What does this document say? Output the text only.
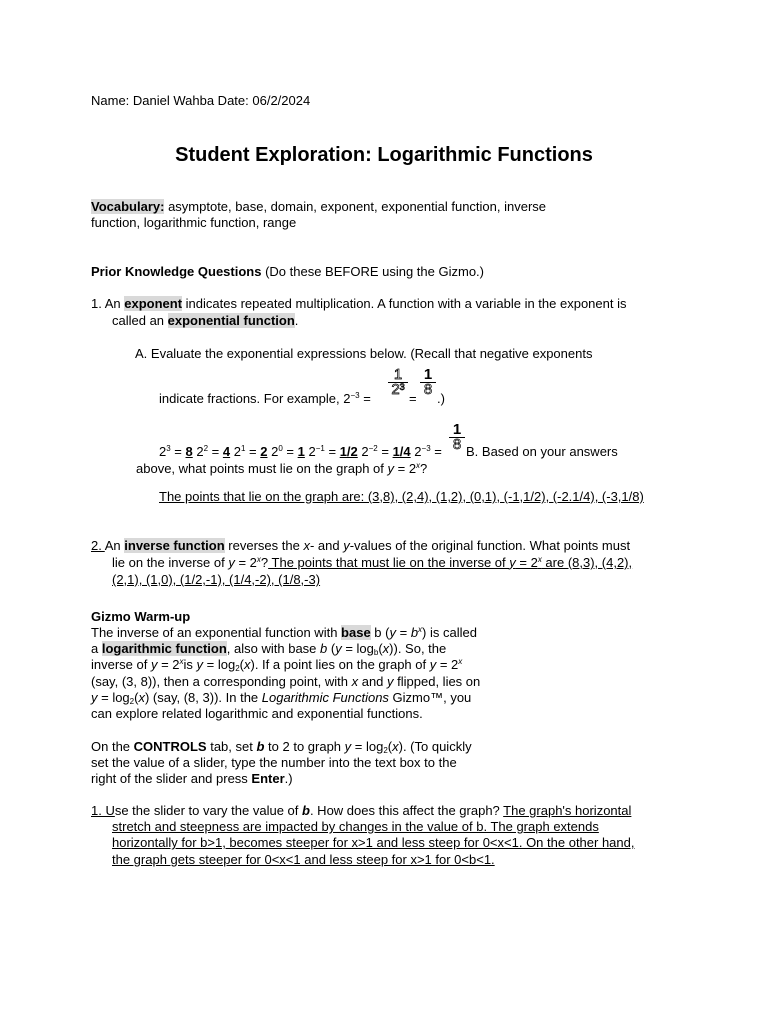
Name: Daniel Wahba Date: 06/2/2024
Student Exploration: Logarithmic Functions
Vocabulary: asymptote, base, domain, exponent, exponential function, inverse
function, logarithmic function, range
Prior Knowledge Questions (Do these BEFORE using the Gizmo.)
1. An exponent indicates repeated multiplication. A function with a variable in the exponent is
called an exponential function.
A. Evaluate the exponential expressions below. (Recall that negative exponents
1
2³
1
8
indicate fractions. For example, $2^{-3}$ =	= .)
$2^3 = 8$ $2^2 = 4$ $2^1 = 2$ $2^0 = 1$ $2^{-1} = 1/2$ $2^{-2} = 1/4$ $2^{-3}$ =
1
8 B. Based on your answers
above, what points must lie on the graph of $y = 2^x$?
The points that lie on the graph are: (3,8), (2,4), (1,2), (0,1), (-1,1/2), (-2.1/4), (-3,1/8)
2. An inverse function reverses the x- and y-values of the original function. What points must
lie on the inverse of $y = 2^x$? The points that must lie on the inverse of $y = 2^x$ are (8,3), (4,2),
(2,1), (1,0), (1/2,-1), (1/4,-2), (1/8,-3)
Gizmo Warm-up
The inverse of an exponential function with base b $(y = b^x)$ is called
a logarithmic function, also with base b $(y = \log_b(x))$. So, the
inverse of $y = 2^xis$ $y = \log_2(x)$. If a point lies on the graph of $y = 2^x$
(say, (3, 8)), then a corresponding point, with x and y flipped, lies on
$y = \log_2(x)$ (say, (8, 3)). In the Logarithmic Functions Gizmo™, you
can explore related logarithmic and exponential functions.
On the CONTROLS tab, set b to 2 to graph $y = \log_2(x)$. (To quickly
set the value of a slider, type the number into the text box to the
right of the slider and press Enter.)
1. Use the slider to vary the value of b. How does this affect the graph? The graph's horizontal
stretch and steepness are impacted by changes in the value of b. The graph extends
horizontally for b>1, becomes steeper for x>1 and less steep for 0<x<1. On the other hand,
the graph gets steeper for 0<x<1 and less steep for x>1 for 0<b<1.
